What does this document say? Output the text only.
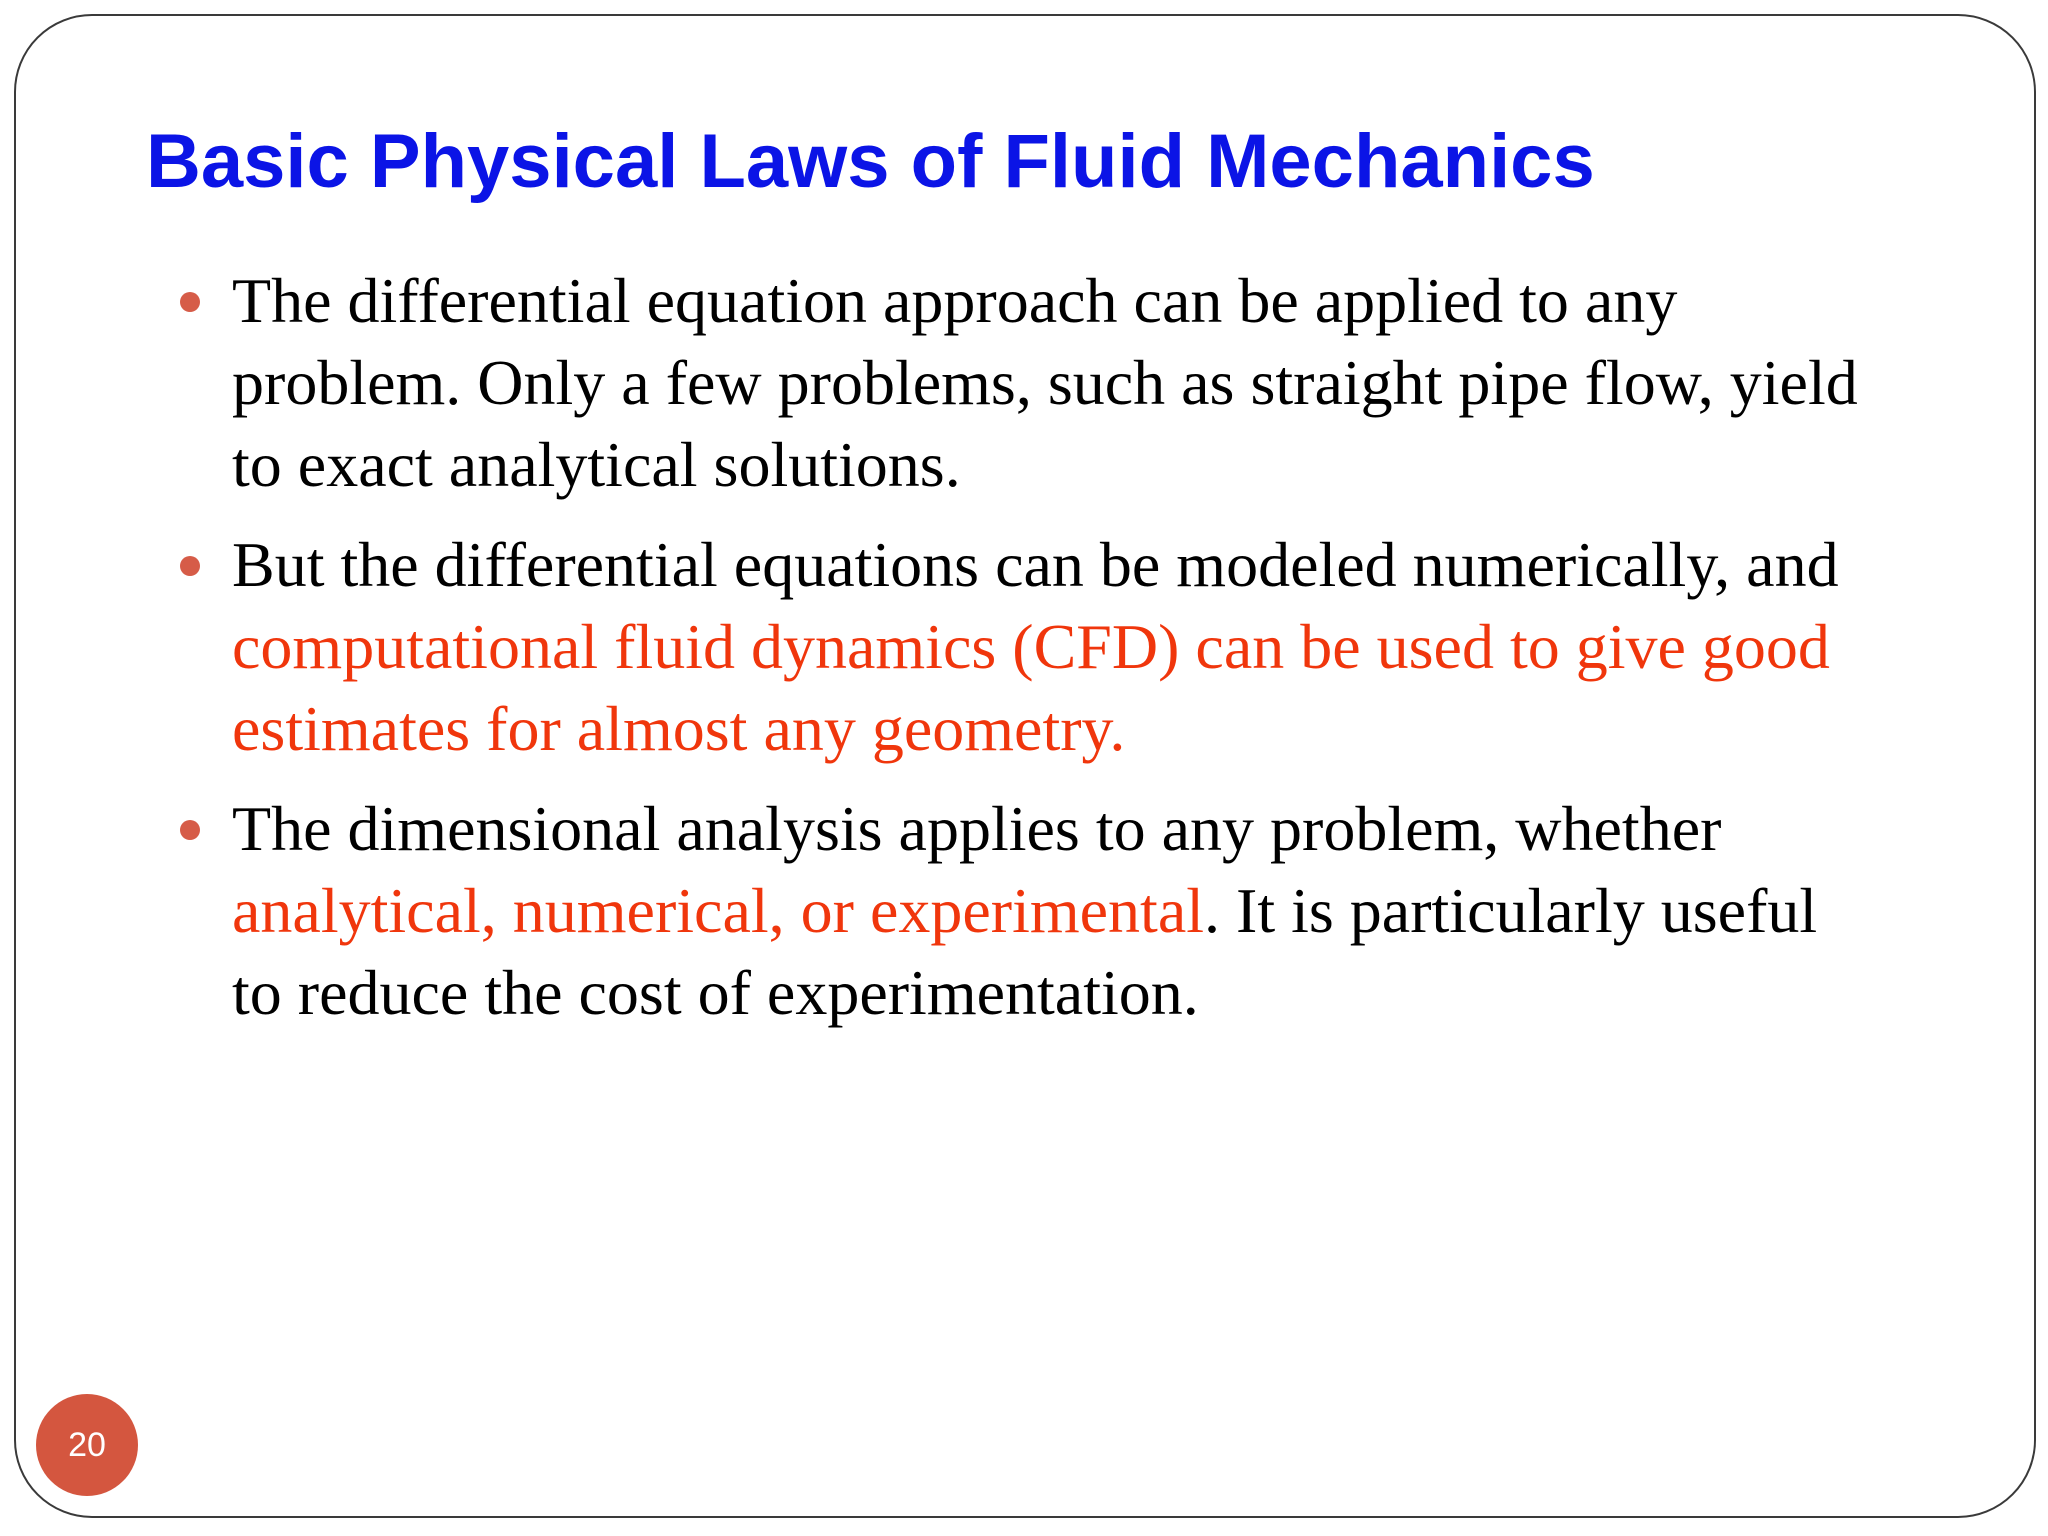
Basic Physical Laws of Fluid Mechanics
The differential equation approach can be applied to any problem. Only a few problems, such as straight pipe flow, yield to exact analytical solutions.
But the differential equations can be modeled numerically, and computational fluid dynamics (CFD) can be used to give good estimates for almost any geometry.
The dimensional analysis applies to any problem, whether analytical, numerical, or experimental. It is particularly useful to reduce the cost of experimentation.
20
